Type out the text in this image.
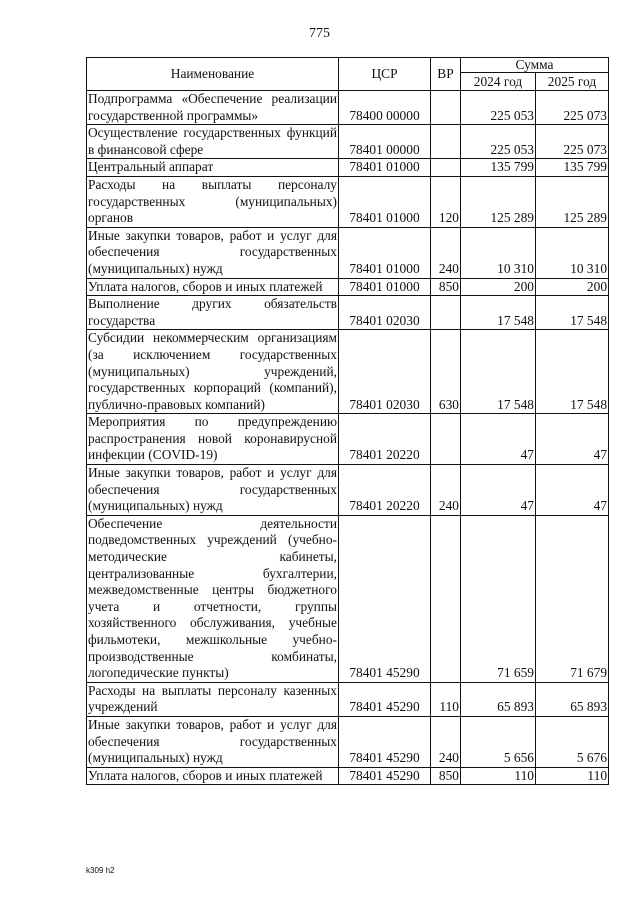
775
Наименование	ЦСР	ВР	Сумма	
			2024 год	2025 год
Подпрограмма «Обеспечение реализации государственной программы»	78400 00000		225 053	225 073
Осуществление государственных функций в финансовой сфере	78401 00000		225 053	225 073
Центральный аппарат	78401 01000		135 799	135 799
Расходы на выплаты персоналу государственных (муниципальных) органов	78401 01000	120	125 289	125 289
Иные закупки товаров, работ и услуг для обеспечения государственных (муниципальных) нужд	78401 01000	240	10 310	10 310
Уплата налогов, сборов и иных платежей	78401 01000	850	200	200
Выполнение других обязательств государства	78401 02030		17 548	17 548
Субсидии некоммерческим организациям (за исключением государственных (муниципальных) учреждений, государственных корпораций (компаний), публично-правовых компаний)	78401 02030	630	17 548	17 548
Мероприятия по предупреждению распространения новой коронавирусной инфекции (COVID-19)	78401 20220		47	47
Иные закупки товаров, работ и услуг для обеспечения государственных (муниципальных) нужд	78401 20220	240	47	47
Обеспечение деятельности подведомственных учреждений (учебно-методические кабинеты, централизованные бухгалтерии, межведомственные центры бюджетного учета и отчетности, группы хозяйственного обслуживания, учебные фильмотеки, межшкольные учебно-производственные комбинаты, логопедические пункты)	78401 45290		71 659	71 679
Расходы на выплаты персоналу казенных учреждений	78401 45290	110	65 893	65 893
Иные закупки товаров, работ и услуг для обеспечения государственных (муниципальных) нужд	78401 45290	240	5 656	5 676
Уплата налогов, сборов и иных платежей	78401 45290	850	110	110
k309 h2
